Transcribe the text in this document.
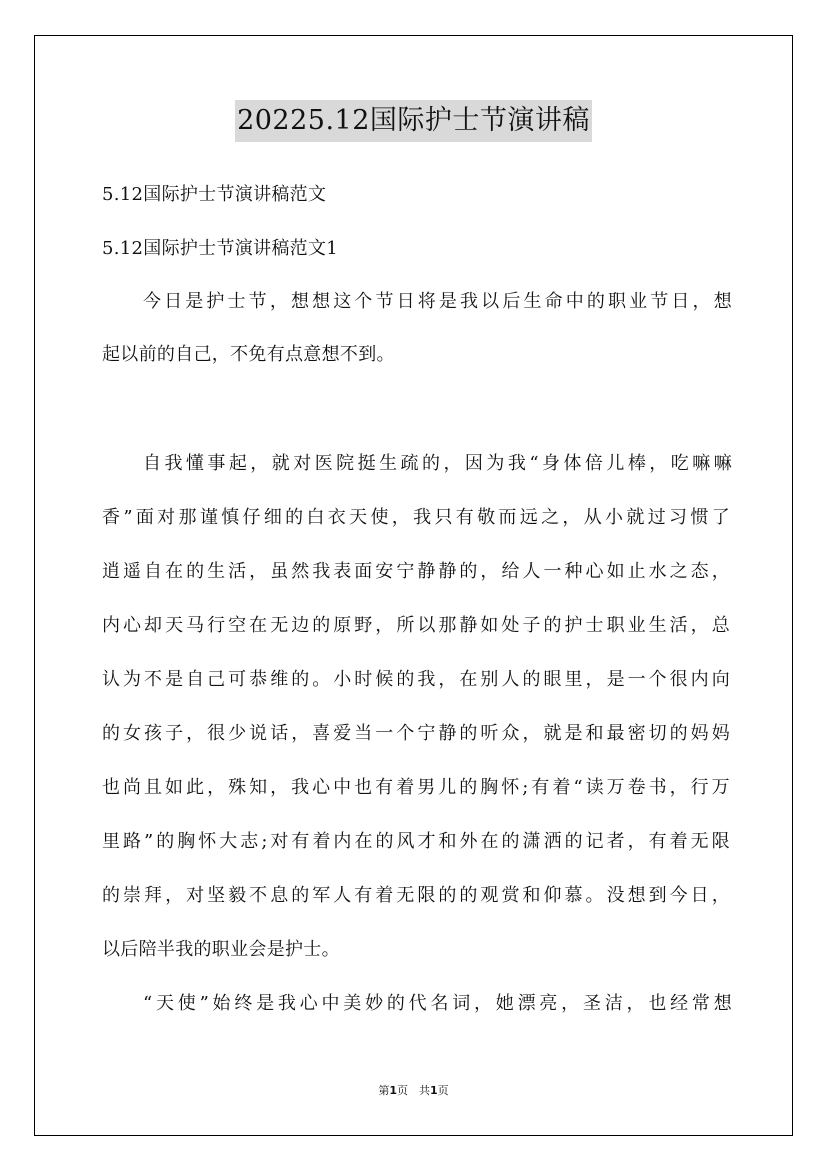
20225.12国际护士节演讲稿
5.12国际护士节演讲稿范文
5.12国际护士节演讲稿范文1
今日是护士节，想想这个节日将是我以后生命中的职业节日，想
起以前的自己，不免有点意想不到。
自我懂事起，就对医院挺生疏的，因为我“身体倍儿棒，吃嘛嘛
香”面对那谨慎仔细的白衣天使，我只有敬而远之，从小就过习惯了
逍遥自在的生活，虽然我表面安宁静静的，给人一种心如止水之态，
内心却天马行空在无边的原野，所以那静如处子的护士职业生活，总
认为不是自己可恭维的。小时候的我，在别人的眼里，是一个很内向
的女孩子，很少说话，喜爱当一个宁静的听众，就是和最密切的妈妈
也尚且如此，殊知，我心中也有着男儿的胸怀;有着“读万卷书，行万
里路”的胸怀大志;对有着内在的风才和外在的潇洒的记者，有着无限
的崇拜，对坚毅不息的军人有着无限的的观赏和仰慕。没想到今日，
以后陪半我的职业会是护士。
“天使”始终是我心中美妙的代名词，她漂亮，圣洁，也经常想
第1页　共1页
